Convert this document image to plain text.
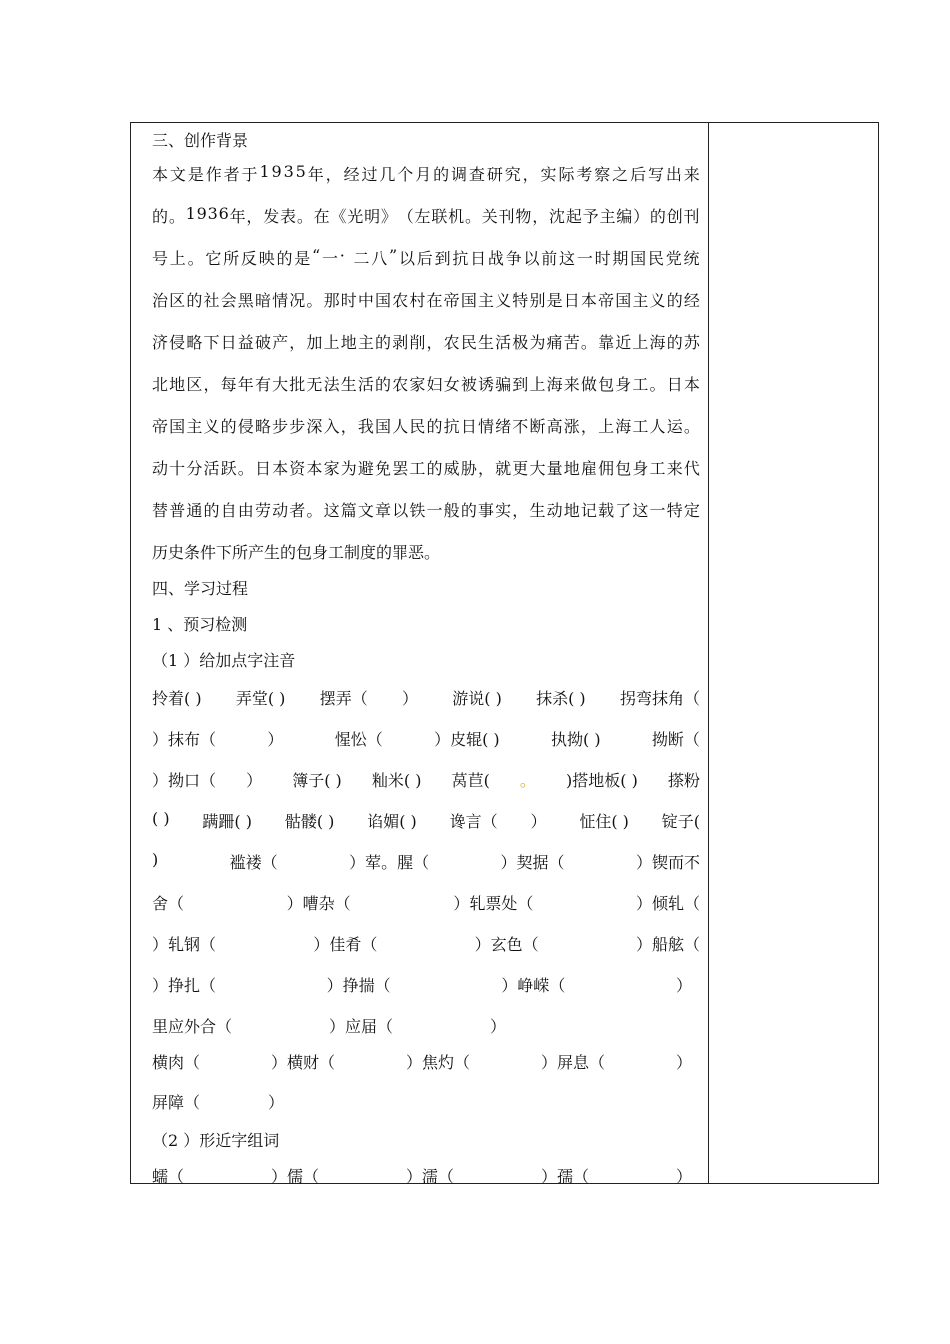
三、创作背景
本 文 是 作 者 于 1 9 3 5 年 ， 经 过 几 个 月 的 调 查 研 究 ， 实 际 考 察 之 后 写 出 来
的 。 1 9 3 6 年 ， 发 表 。 在 《 光 明 》 （ 左 联 机 。 关 刊 物 ， 沈 起 予 主 编 ） 的 创 刊
号 上 。 它 所 反 映 的 是 “ 一 ·
二 八 ” 以 后 到 抗 日 战 争 以 前 这 一 时 期 国 民 党 统
治 区 的 社 会 黑 暗 情 况 。 那 时 中 国 农 村 在 帝 国 主 义 特 别 是 日 本 帝 国 主 义 的 经
济 侵 略 下 日 益 破 产 ， 加 上 地 主 的 剥 削 ， 农 民 生 活 极 为 痛 苦 。 靠 近 上 海 的 苏
北 地 区 ， 每 年 有 大 批 无 法 生 活 的 农 家 妇 女 被 诱 骗 到 上 海 来 做 包 身 工 。 日 本
帝 国 主 义 的 侵 略 步 步 深 入 ， 我 国 人 民 的 抗 日 情 绪 不 断 高 涨 ， 上 海 工 人 运 。
动 十 分 活 跃 。 日 本 资 本 家 为 避 免 罢 工 的 威 胁 ， 就 更 大 量 地 雇 佣 包 身 工 来 代
替 普 通 的 自 由 劳 动 者 。 这 篇 文 章 以 铁 一 般 的 事 实 ， 生 动 地 记 载 了 这 一 特 定
历史条件下所产生的包身工制度的罪恶。
四、学习过程
1 、预习检测
（1 ）给加点字注音
拎着( ) 弄堂( ) 摆弄（ ） 游说( ) 抹杀( ) 拐弯抹角（
）抹布（	）	惺忪（	）皮辊( )	执拗( )	拗断（
）拗口（ ） 簿子( ) 籼米( ) 莴苣( 。 )搭地板( ) 搽粉
( ) 蹒跚( ) 骷髅( ) 谄媚( ) 谗言（ ） 怔住( ) 锭子(
)	褴褛（	）荤。腥（	）契据（	）锲而不
舍（	）嘈杂（	）轧票处（	）倾轧（
）轧钢（	）佳肴（	）玄色（	）船舷（
）挣扎（	）挣揣（	）峥嵘（	）
里应外合（	）应届（	）
横肉（	）横财（	）焦灼（	）屏息（	）
屏障（	）
（2 ）形近字组词
蠕（	）儒（	）濡（	）孺（	）
